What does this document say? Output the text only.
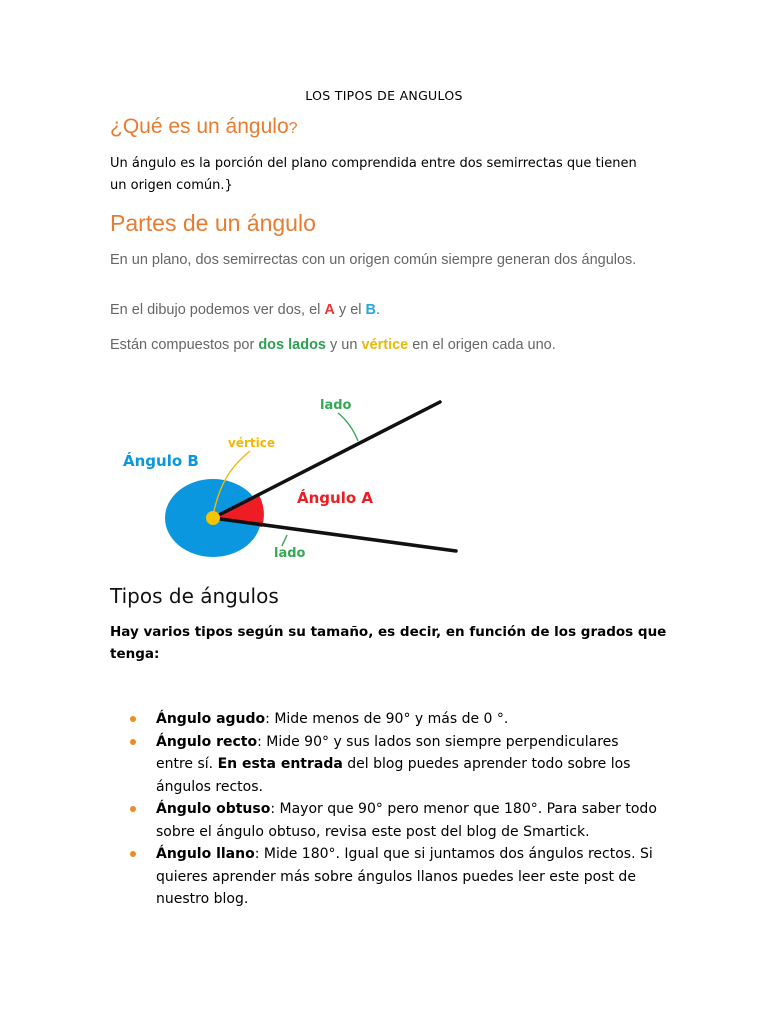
LOS TIPOS DE ANGULOS
¿Qué es un ángulo?
Un ángulo es la porción del plano comprendida entre dos semirrectas que tienen un origen común.}
Partes de un ángulo
En un plano, dos semirrectas con un origen común siempre generan dos ángulos.
En el dibujo podemos ver dos, el A y el B.
Están compuestos por dos lados y un vértice en el origen cada uno.
lado
vértice
Ángulo B
Ángulo A
lado
Tipos de ángulos
Hay varios tipos según su tamaño, es decir, en función de los grados que tenga:
Ángulo agudo: Mide menos de 90° y más de 0 °.
Ángulo recto: Mide 90° y sus lados son siempre perpendiculares entre sí. En esta entrada del blog puedes aprender todo sobre los ángulos rectos.
Ángulo obtuso: Mayor que 90° pero menor que 180°. Para saber todo sobre el ángulo obtuso, revisa este post del blog de Smartick.
Ángulo llano: Mide 180°. Igual que si juntamos dos ángulos rectos. Si quieres aprender más sobre ángulos llanos puedes leer este post de nuestro blog.
